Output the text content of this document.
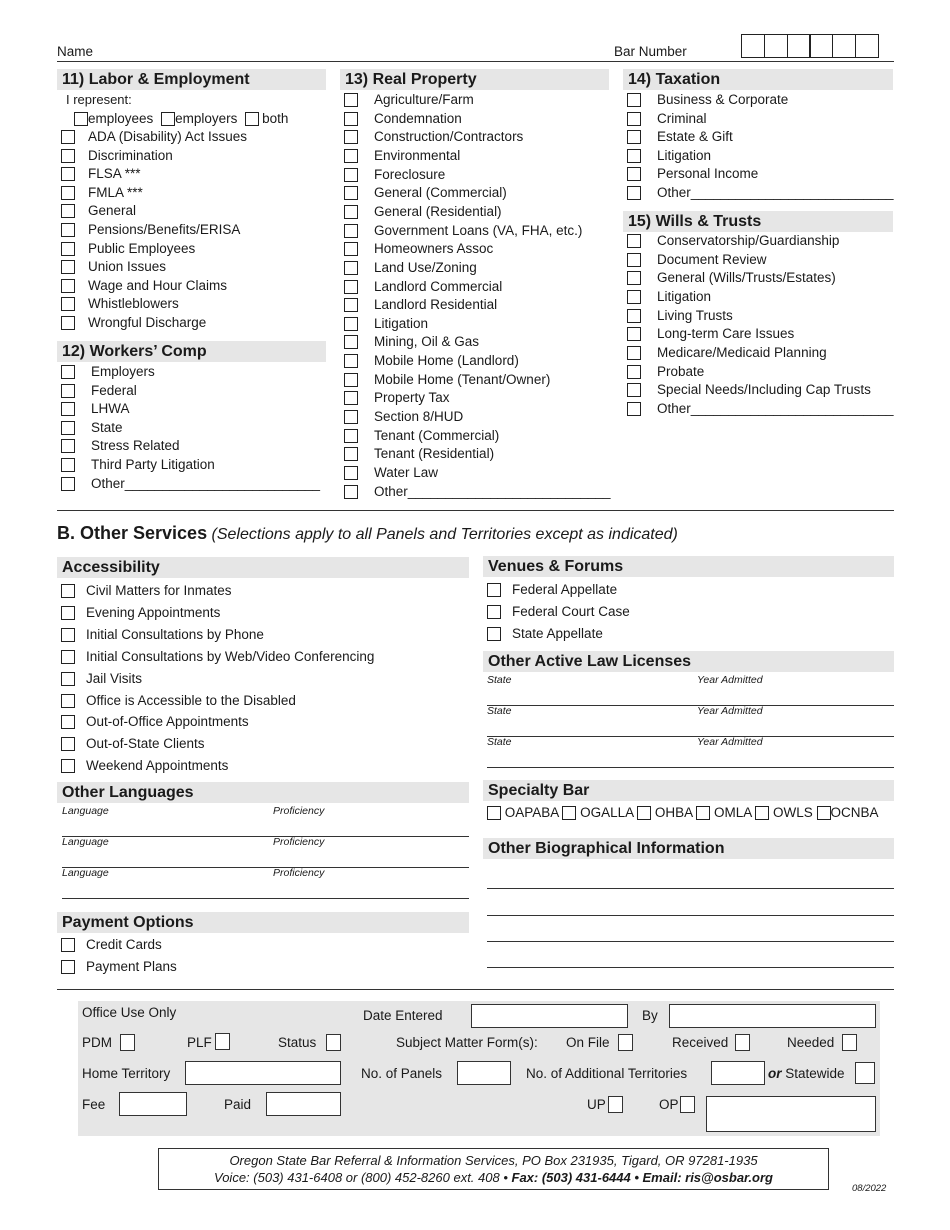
Name	Bar Number
11) Labor & Employment
I represent:
employees employers both
ADA (Disability) Act Issues
Discrimination
FLSA ***
FMLA ***
General
Pensions/Benefits/ERISA
Public Employees
Union Issues
Wage and Hour Claims
Whistleblowers
Wrongful Discharge
12) Workers’ Comp
Employers
Federal
LHWA
State
Stress Related
Third Party Litigation
Other__________________________
13) Real Property
Agriculture/Farm
Condemnation
Construction/Contractors
Environmental
Foreclosure
General (Commercial)
General (Residential)
Government Loans (VA, FHA, etc.)
Homeowners Assoc
Land Use/Zoning
Landlord Commercial
Landlord Residential
Litigation
Mining, Oil & Gas
Mobile Home (Landlord)
Mobile Home (Tenant/Owner)
Property Tax
Section 8/HUD
Tenant (Commercial)
Tenant (Residential)
Water Law
Other___________________________
14) Taxation
Business & Corporate
Criminal
Estate & Gift
Litigation
Personal Income
Other___________________________
15) Wills & Trusts
Conservatorship/Guardianship
Document Review
General (Wills/Trusts/Estates)
Litigation
Living Trusts
Long-term Care Issues
Medicare/Medicaid Planning
Probate
Special Needs/Including Cap Trusts
Other___________________________
B. Other Services (Selections apply to all Panels and Territories except as indicated)
Accessibility
Civil Matters for Inmates
Evening Appointments
Initial Consultations by Phone
Initial Consultations by Web/Video Conferencing
Jail Visits
Office is Accessible to the Disabled
Out-of-Office Appointments
Out-of-State Clients
Weekend Appointments
Other Languages
Language	Proficiency
Language	Proficiency
Language	Proficiency
Payment Options
Credit Cards
Payment Plans
Venues & Forums
Federal Appellate
Federal Court Case
State Appellate
Other Active Law Licenses
State	Year Admitted
State	Year Admitted
State	Year Admitted
Specialty Bar
OAPABA OGALLA OHBA OMLA OWLS OCNBA
Other Biographical Information
Office Use Only	Date Entered	By
PDM	PLF	Status	Subject Matter Form(s): On File	Received	Needed
Home Territory	No. of Panels	No. of Additional Territories	or Statewide
Fee	Paid	UP	OP
Oregon State Bar Referral & Information Services, PO Box 231935, Tigard, OR 97281-1935
Voice: (503) 431-6408 or (800) 452-8260 ext. 408 • Fax: (503) 431-6444 • Email: ris@osbar.org
08/2022
